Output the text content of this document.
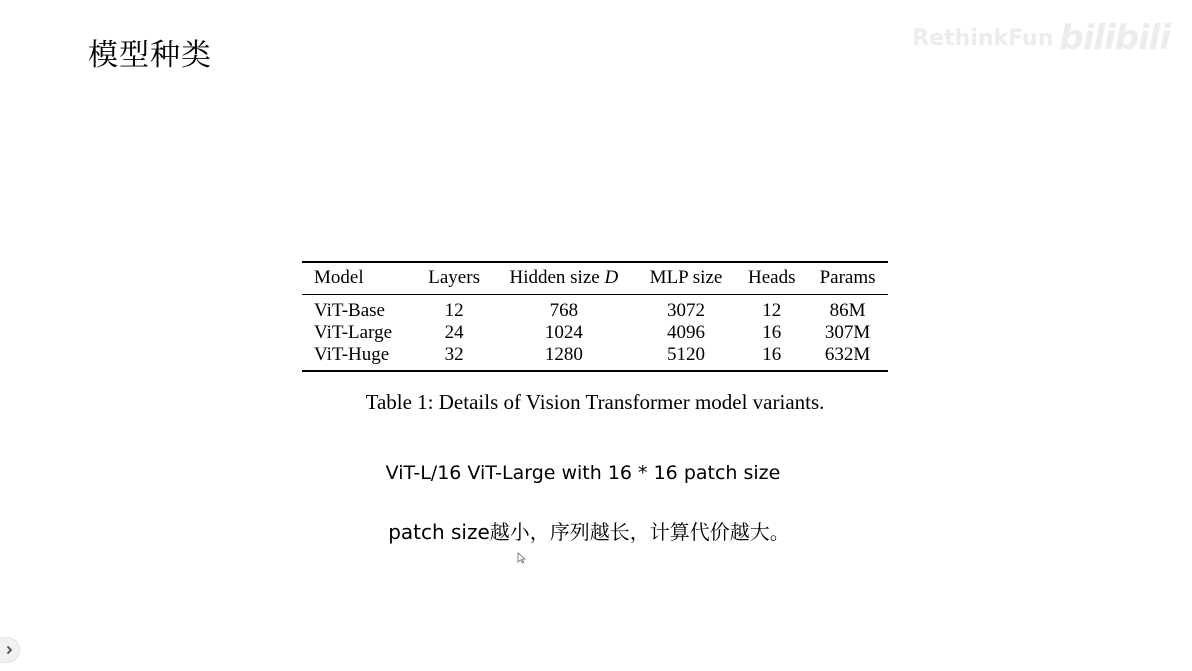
模型种类	RethinkFun bilibili
Model	Layers	Hidden size D	MLP size	Heads	Params
ViT-Base	12	768	3072	12	86M
ViT-Large	24	1024	4096	16	307M
ViT-Huge	32	1280	5120	16	632M
Table 1: Details of Vision Transformer model variants.
ViT-L/16 ViT-Large with 16 * 16 patch size
patch size越小，序列越长，计算代价越大。
